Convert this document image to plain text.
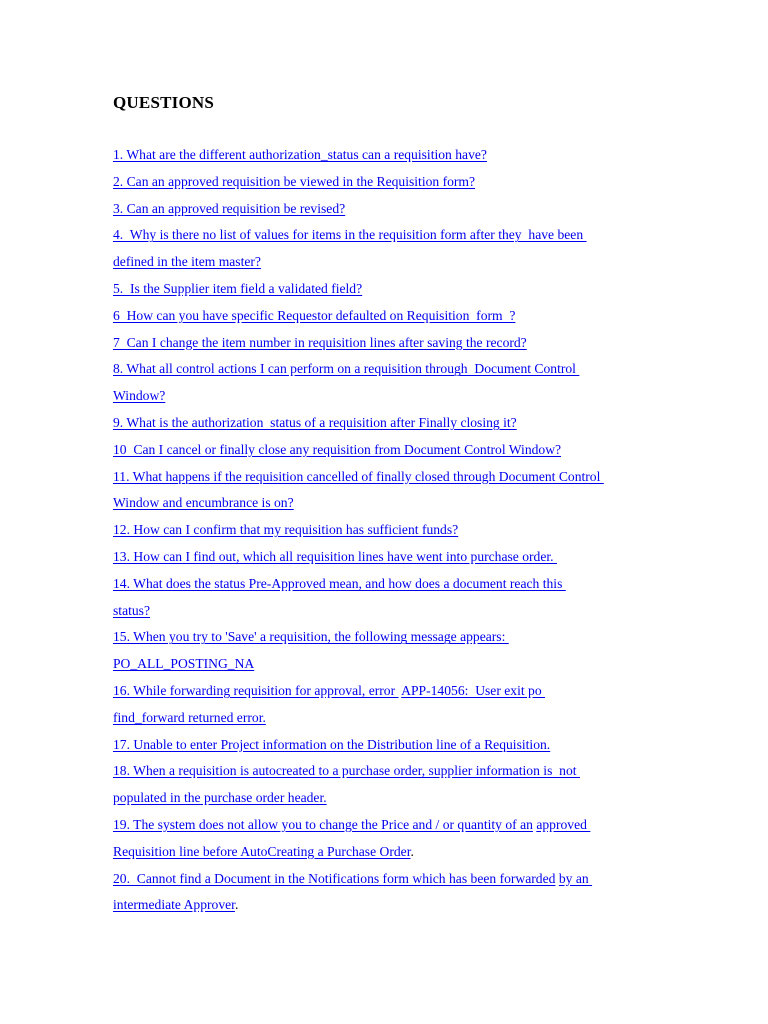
QUESTIONS
1. What are the different authorization_status can a requisition have?
2. Can an approved requisition be viewed in the Requisition form?
3. Can an approved requisition be revised?
4.  Why is there no list of values for items in the requisition form after they  have been
defined in the item master?
5.  Is the Supplier item field a validated field?
6  How can you have specific Requestor defaulted on Requisition  form  ?
7  Can I change the item number in requisition lines after saving the record?
8. What all control actions I can perform on a requisition through  Document Control
Window?
9. What is the authorization  status of a requisition after Finally closing it?
10  Can I cancel or finally close any requisition from Document Control Window?
11. What happens if the requisition cancelled of finally closed through Document Control
Window and encumbrance is on?
12. How can I confirm that my requisition has sufficient funds?
13. How can I find out, which all requisition lines have went into purchase order.
14. What does the status Pre-Approved mean, and how does a document reach this
status?
15. When you try to 'Save' a requisition, the following message appears:
PO_ALL_POSTING_NA
16. While forwarding requisition for approval, error  APP-14056:  User exit po
find_forward returned error.
17. Unable to enter Project information on the Distribution line of a Requisition.
18. When a requisition is autocreated to a purchase order, supplier information is  not
populated in the purchase order header.
19. The system does not allow you to change the Price and / or quantity of an approved
Requisition line before AutoCreating a Purchase Order.
20.  Cannot find a Document in the Notifications form which has been forwarded by an
intermediate Approver.
